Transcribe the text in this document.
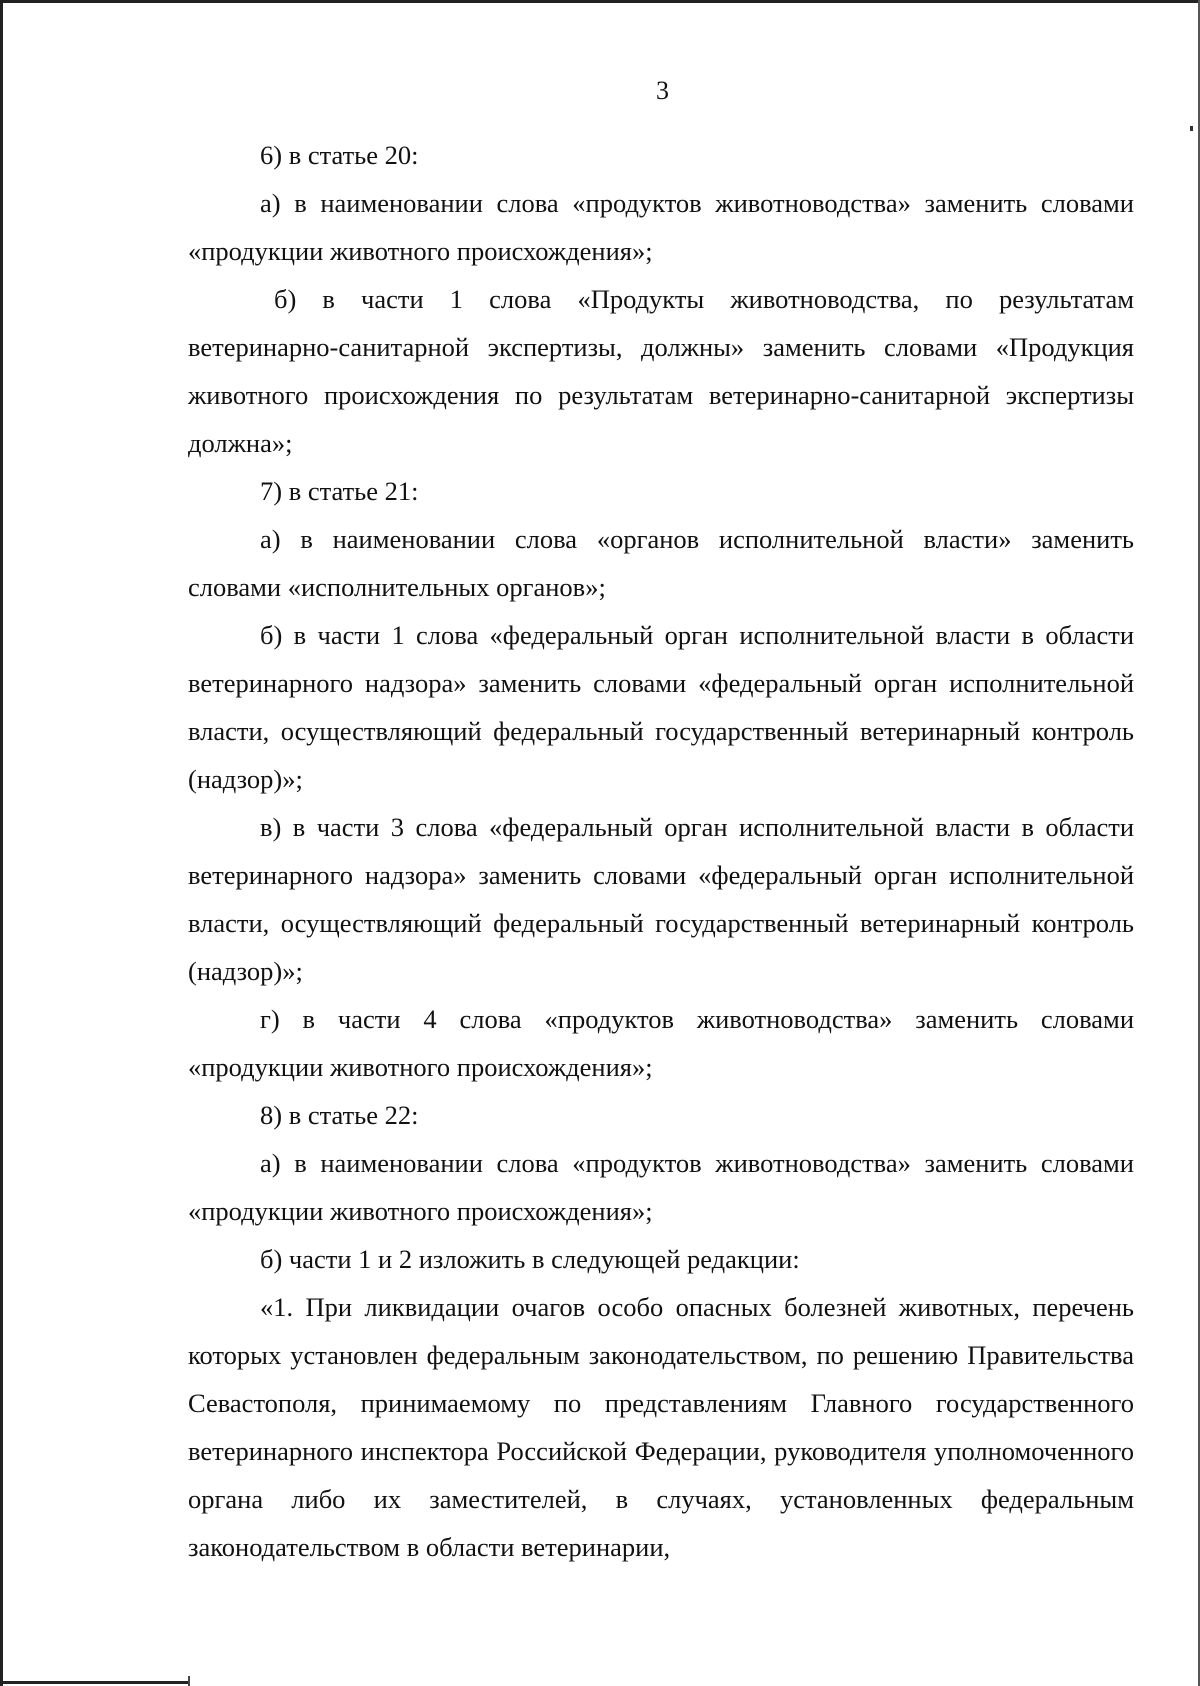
3

6) в статье 20:

а) в наименовании слова «продуктов животноводства» заменить словами «продукции животного происхождения»;

б) в части 1 слова «Продукты животноводства, по результатам ветеринарно-санитарной экспертизы, должны» заменить словами «Продукция животного происхождения по результатам ветеринарно-санитарной экспертизы должна»;

7) в статье 21:

а) в наименовании слова «органов исполнительной власти» заменить словами «исполнительных органов»;

б) в части 1 слова «федеральный орган исполнительной власти в области ветеринарного надзора» заменить словами «федеральный орган исполнительной власти, осуществляющий федеральный государственный ветеринарный контроль (надзор)»;

в) в части 3 слова «федеральный орган исполнительной власти в области ветеринарного надзора» заменить словами «федеральный орган исполнительной власти, осуществляющий федеральный государственный ветеринарный контроль (надзор)»;

г) в части 4 слова «продуктов животноводства» заменить словами «продукции животного происхождения»;

8) в статье 22:

а) в наименовании слова «продуктов животноводства» заменить словами «продукции животного происхождения»;

б) части 1 и 2 изложить в следующей редакции:

«1. При ликвидации очагов особо опасных болезней животных, перечень которых установлен федеральным законодательством, по решению Правительства Севастополя, принимаемому по представлениям Главного государственного ветеринарного инспектора Российской Федерации, руководителя уполномоченного органа либо их заместителей, в случаях, установленных федеральным законодательством в области ветеринарии,
